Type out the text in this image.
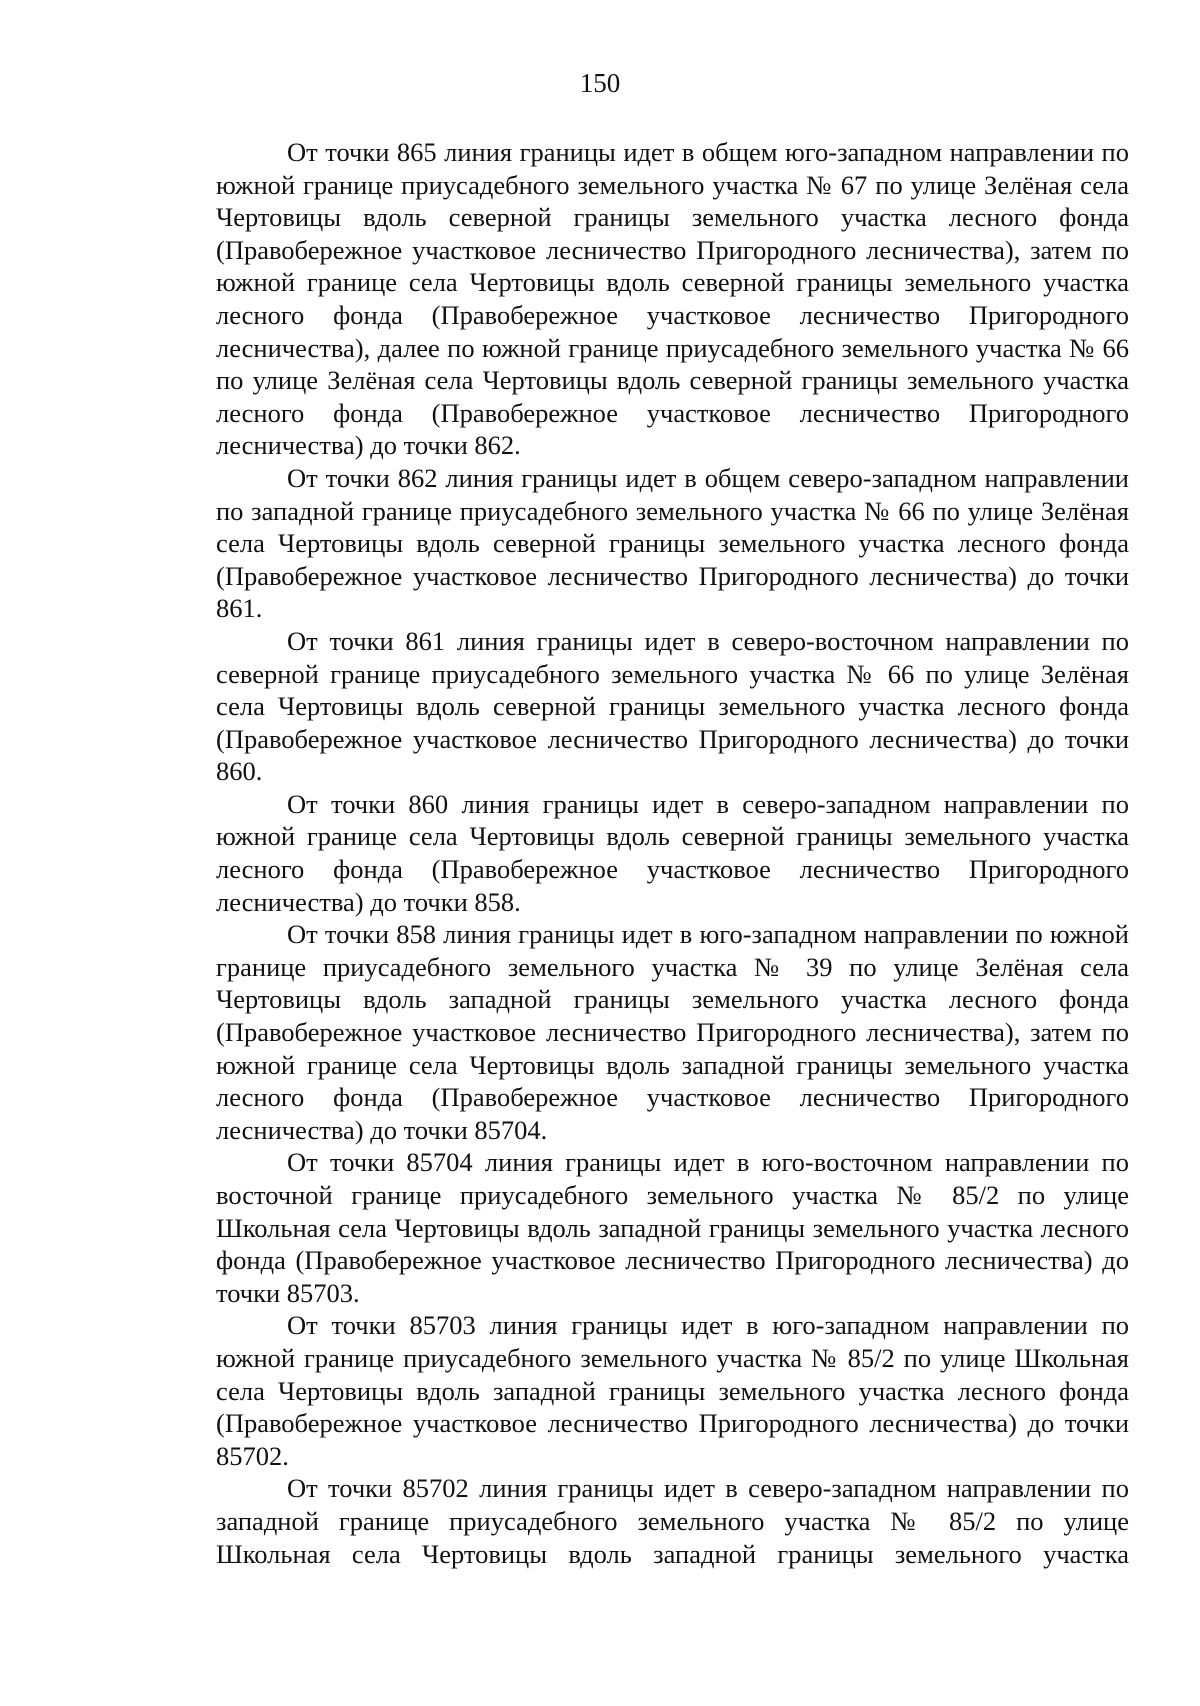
150

От точки 865 линия границы идет в общем юго-западном направлении по южной границе приусадебного земельного участка № 67 по улице Зелёная села Чертовицы вдоль северной границы земельного участка лесного фонда (Правобережное участковое лесничество Пригородного лесничества), затем по южной границе села Чертовицы вдоль северной границы земельного участка лесного фонда (Правобережное участковое лесничество Пригородного лесничества), далее по южной границе приусадебного земельного участка № 66 по улице Зелёная села Чертовицы вдоль северной границы земельного участка лесного фонда (Правобережное участковое лесничество Пригородного лесничества) до точки 862.

От точки 862 линия границы идет в общем северо-западном направлении по западной границе приусадебного земельного участка № 66 по улице Зелёная села Чертовицы вдоль северной границы земельного участка лесного фонда (Правобережное участковое лесничество Пригородного лесничества) до точки 861.

От точки 861 линия границы идет в северо-восточном направлении по северной границе приусадебного земельного участка № 66 по улице Зелёная села Чертовицы вдоль северной границы земельного участка лесного фонда (Правобережное участковое лесничество Пригородного лесничества) до точки 860.

От точки 860 линия границы идет в северо-западном направлении по южной границе села Чертовицы вдоль северной границы земельного участка лесного фонда (Правобережное участковое лесничество Пригородного лесничества) до точки 858.

От точки 858 линия границы идет в юго-западном направлении по южной границе приусадебного земельного участка № 39 по улице Зелёная села Чертовицы вдоль западной границы земельного участка лесного фонда (Правобережное участковое лесничество Пригородного лесничества), затем по южной границе села Чертовицы вдоль западной границы земельного участка лесного фонда (Правобережное участковое лесничество Пригородного лесничества) до точки 85704.

От точки 85704 линия границы идет в юго-восточном направлении по восточной границе приусадебного земельного участка № 85/2 по улице Школьная села Чертовицы вдоль западной границы земельного участка лесного фонда (Правобережное участковое лесничество Пригородного лесничества) до точки 85703.

От точки 85703 линия границы идет в юго-западном направлении по южной границе приусадебного земельного участка № 85/2 по улице Школьная села Чертовицы вдоль западной границы земельного участка лесного фонда (Правобережное участковое лесничество Пригородного лесничества) до точки 85702.

От точки 85702 линия границы идет в северо-западном направлении по западной границе приусадебного земельного участка № 85/2 по улице Школьная села Чертовицы вдоль западной границы земельного участка
